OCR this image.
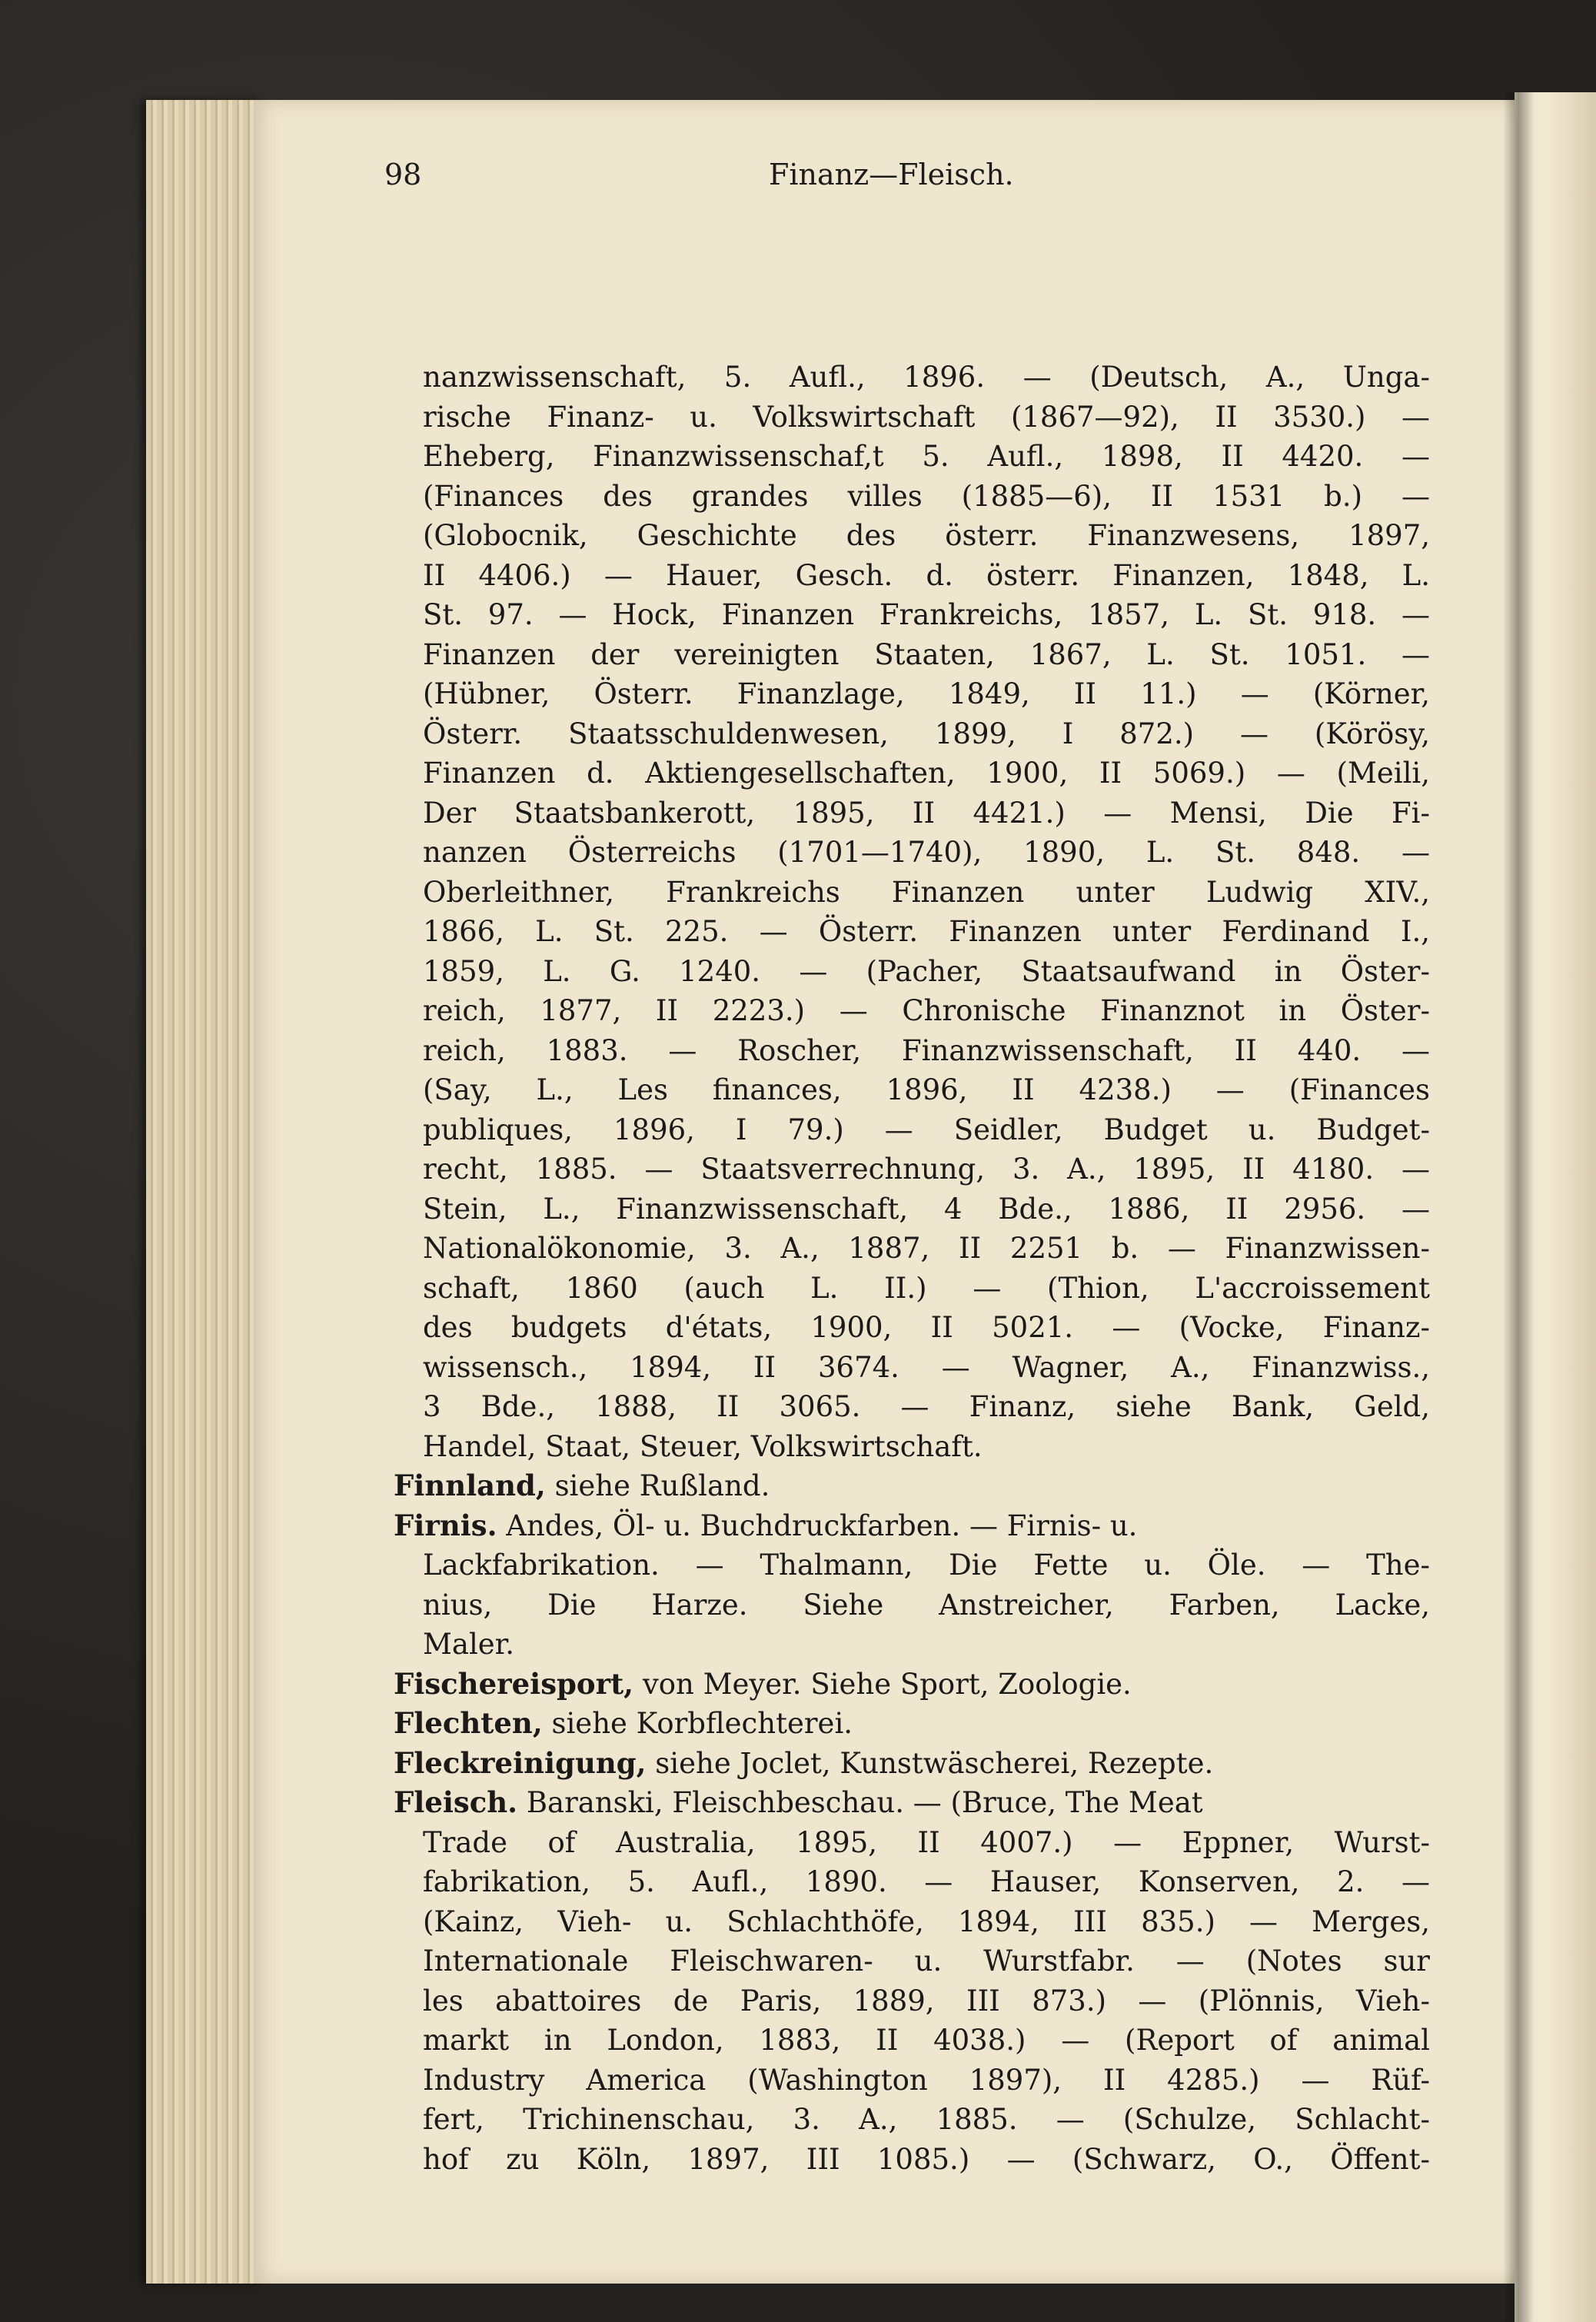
98	Finanz—Fleisch.
nanzwissenschaft, 5. Aufl., 1896. — (Deutsch, A., Unga-
rische Finanz- u. Volkswirtschaft (1867—92), II 3530.) —
Eheberg, Finanzwissenschaf,t 5. Aufl., 1898, II 4420. —
(Finances des grandes villes (1885—6), II 1531 b.) —
(Globocnik, Geschichte des österr. Finanzwesens, 1897,
II 4406.) — Hauer, Gesch. d. österr. Finanzen, 1848, L.
St. 97. — Hock, Finanzen Frankreichs, 1857, L. St. 918. —
Finanzen der vereinigten Staaten, 1867, L. St. 1051. —
(Hübner, Österr. Finanzlage, 1849, II 11.) — (Körner,
Österr. Staatsschuldenwesen, 1899, I 872.) — (Körösy,
Finanzen d. Aktiengesellschaften, 1900, II 5069.) — (Meili,
Der Staatsbankerott, 1895, II 4421.) — Mensi, Die Fi-
nanzen Österreichs (1701—1740), 1890, L. St. 848. —
Oberleithner, Frankreichs Finanzen unter Ludwig XIV.,
1866, L. St. 225. — Österr. Finanzen unter Ferdinand I.,
1859, L. G. 1240. — (Pacher, Staatsaufwand in Öster-
reich, 1877, II 2223.) — Chronische Finanznot in Öster-
reich, 1883. — Roscher, Finanzwissenschaft, II 440. —
(Say, L., Les finances, 1896, II 4238.) — (Finances
publiques, 1896, I 79.) — Seidler, Budget u. Budget-
recht, 1885. — Staatsverrechnung, 3. A., 1895, II 4180. —
Stein, L., Finanzwissenschaft, 4 Bde., 1886, II 2956. —
Nationalökonomie, 3. A., 1887, II 2251 b. — Finanzwissen-
schaft, 1860 (auch L. II.) — (Thion, L'accroissement
des budgets d'états, 1900, II 5021. — (Vocke, Finanz-
wissensch., 1894, II 3674. — Wagner, A., Finanzwiss.,
3 Bde., 1888, II 3065. — Finanz, siehe Bank, Geld,
Handel, Staat, Steuer, Volkswirtschaft.
Finnland, siehe Rußland.
Firnis. Andes, Öl- u. Buchdruckfarben. — Firnis- u.
Lackfabrikation. — Thalmann, Die Fette u. Öle. — The-
nius, Die Harze. Siehe Anstreicher, Farben, Lacke,
Maler.
Fischereisport, von Meyer. Siehe Sport, Zoologie.
Flechten, siehe Korbflechterei.
Fleckreinigung, siehe Joclet, Kunstwäscherei, Rezepte.
Fleisch. Baranski, Fleischbeschau. — (Bruce, The Meat
Trade of Australia, 1895, II 4007.) — Eppner, Wurst-
fabrikation, 5. Aufl., 1890. — Hauser, Konserven, 2. —
(Kainz, Vieh- u. Schlachthöfe, 1894, III 835.) — Merges,
Internationale Fleischwaren- u. Wurstfabr. — (Notes sur
les abattoires de Paris, 1889, III 873.) — (Plönnis, Vieh-
markt in London, 1883, II 4038.) — (Report of animal
Industry America (Washington 1897), II 4285.) — Rüf-
fert, Trichinenschau, 3. A., 1885. — (Schulze, Schlacht-
hof zu Köln, 1897, III 1085.) — (Schwarz, O., Öffent-
